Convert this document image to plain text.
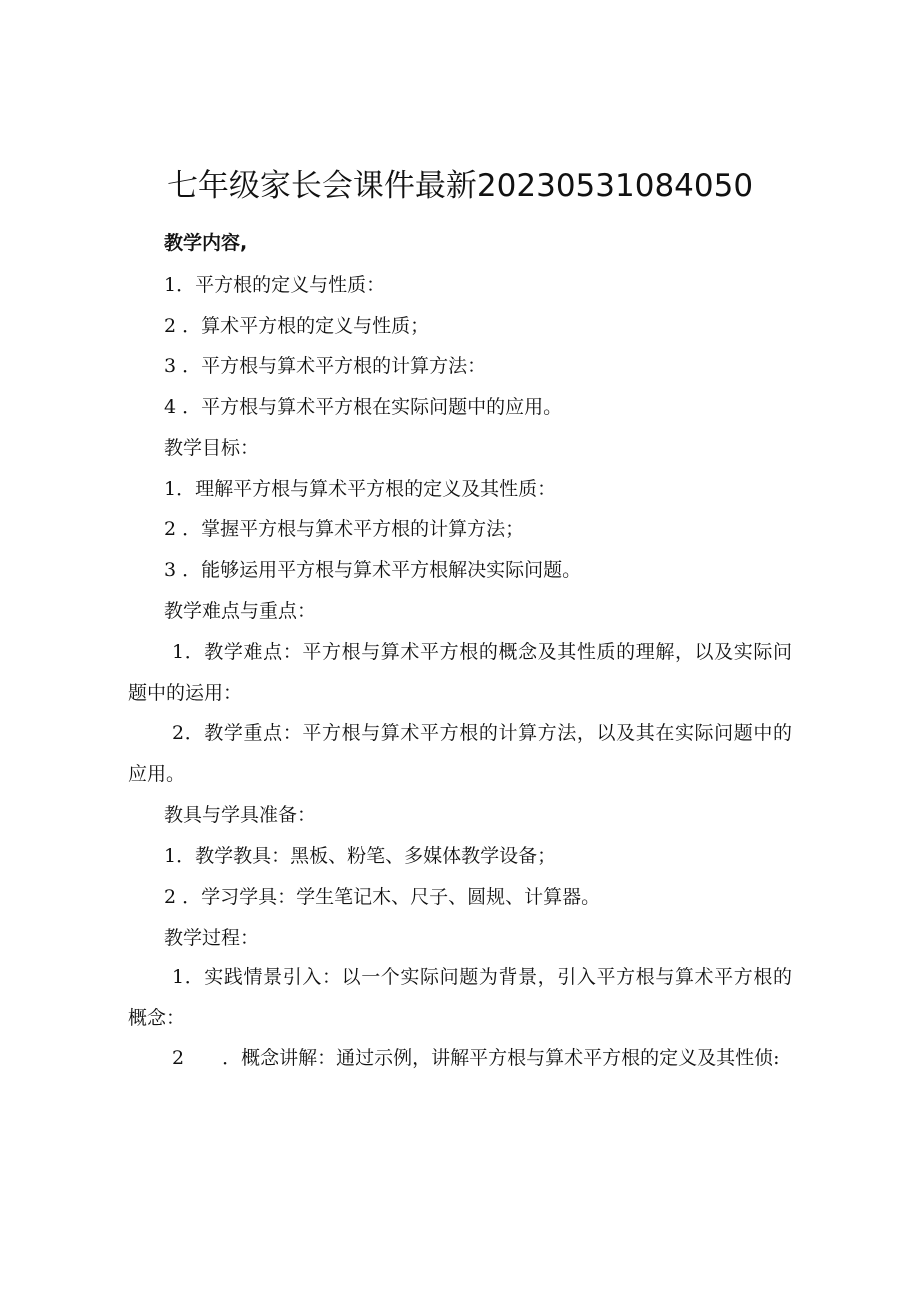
七年级家长会课件最新20230531084050
教学内容,
1．平方根的定义与性质：
2 ．算术平方根的定义与性质；
3 ．平方根与算术平方根的计算方法：
4 ．平方根与算术平方根在实际问题中的应用。
教学目标：
1．理解平方根与算术平方根的定义及其性质：
2 ．掌握平方根与算术平方根的计算方法；
3 ．能够运用平方根与算术平方根解决实际问题。
教学难点与重点：
1．教学难点：平方根与算术平方根的概念及其性质的理解，以及实际问题中的运用：
2．教学重点：平方根与算术平方根的计算方法，以及其在实际问题中的应用。
教具与学具准备：
1．教学教具：黑板、粉笔、多媒体教学设备；
2 ．学习学具：学生笔记木、尺子、圆规、计算器。
教学过程：
1．实践情景引入：以一个实际问题为背景，引入平方根与算术平方根的概念：
2　　．概念讲解：通过示例，讲解平方根与算术平方根的定义及其性侦:
